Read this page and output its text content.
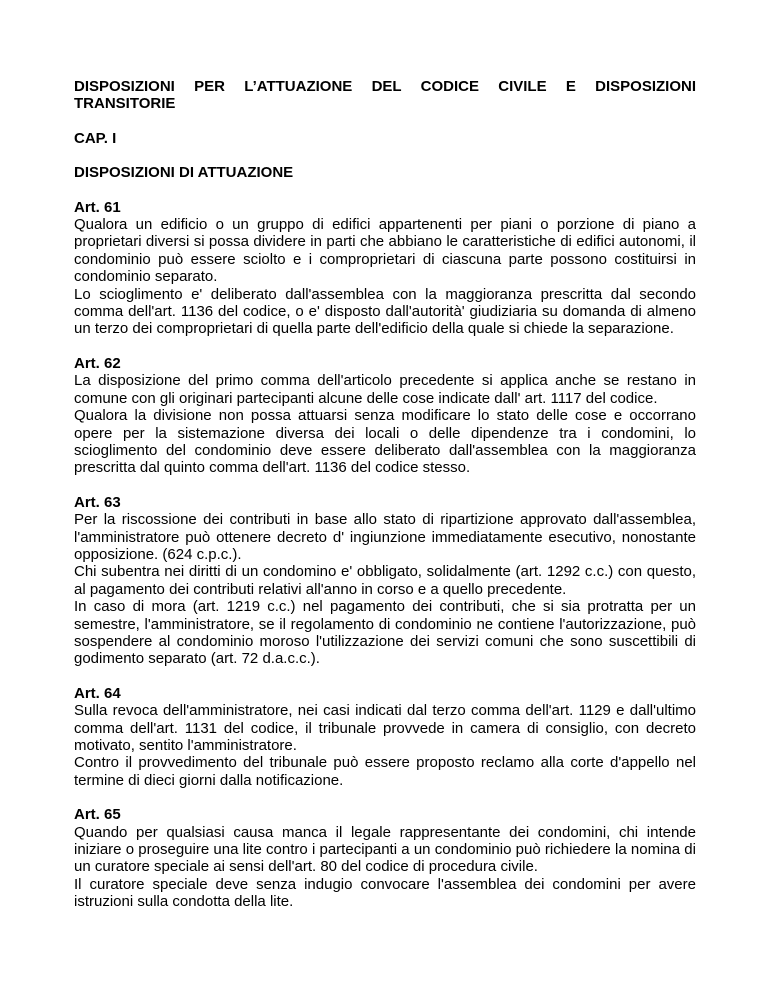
DISPOSIZIONI PER L’ATTUAZIONE DEL CODICE CIVILE E DISPOSIZIONI
TRANSITORIE

CAP. I

DISPOSIZIONI DI ATTUAZIONE

Art. 61

Qualora un edificio o un gruppo di edifici appartenenti per piani o porzione di piano a proprietari diversi si possa dividere in parti che abbiano le caratteristiche di edifici autonomi, il condominio può essere sciolto e i comproprietari di ciascuna parte possono costituirsi in condominio separato.

Lo scioglimento e' deliberato dall'assemblea con la maggioranza prescritta dal secondo comma dell'art. 1136 del codice, o e' disposto dall'autorità' giudiziaria su domanda di almeno un terzo dei comproprietari di quella parte dell'edificio della quale si chiede la separazione.

Art. 62

La disposizione del primo comma dell'articolo precedente si applica anche se restano in comune con gli originari partecipanti alcune delle cose indicate dall' art. 1117 del codice.

Qualora la divisione non possa attuarsi senza modificare lo stato delle cose e occorrano opere per la sistemazione diversa dei locali o delle dipendenze tra i condomini, lo scioglimento del condominio deve essere deliberato dall'assemblea con la maggioranza prescritta dal quinto comma dell'art. 1136 del codice stesso.

Art. 63

Per la riscossione dei contributi in base allo stato di ripartizione approvato dall'assemblea, l'amministratore può ottenere decreto d' ingiunzione immediatamente esecutivo, nonostante opposizione. (624 c.p.c.).

Chi subentra nei diritti di un condomino e' obbligato, solidalmente (art. 1292 c.c.) con questo, al pagamento dei contributi relativi all'anno in corso e a quello precedente.

In caso di mora (art. 1219 c.c.) nel pagamento dei contributi, che si sia protratta per un semestre, l'amministratore, se il regolamento di condominio ne contiene l'autorizzazione, può sospendere al condominio moroso l'utilizzazione dei servizi comuni che sono suscettibili di godimento separato (art. 72 d.a.c.c.).

Art. 64

Sulla revoca dell'amministratore, nei casi indicati dal terzo comma dell'art. 1129 e dall'ultimo comma dell'art. 1131 del codice, il tribunale provvede in camera di consiglio, con decreto motivato, sentito l'amministratore.

Contro il provvedimento del tribunale può essere proposto reclamo alla corte d'appello nel termine di dieci giorni dalla notificazione.

Art. 65

Quando per qualsiasi causa manca il legale rappresentante dei condomini, chi intende iniziare o proseguire una lite contro i partecipanti a un condominio può richiedere la nomina di un curatore speciale ai sensi dell'art. 80 del codice di procedura civile.

Il curatore speciale deve senza indugio convocare l'assemblea dei condomini per avere istruzioni sulla condotta della lite.
